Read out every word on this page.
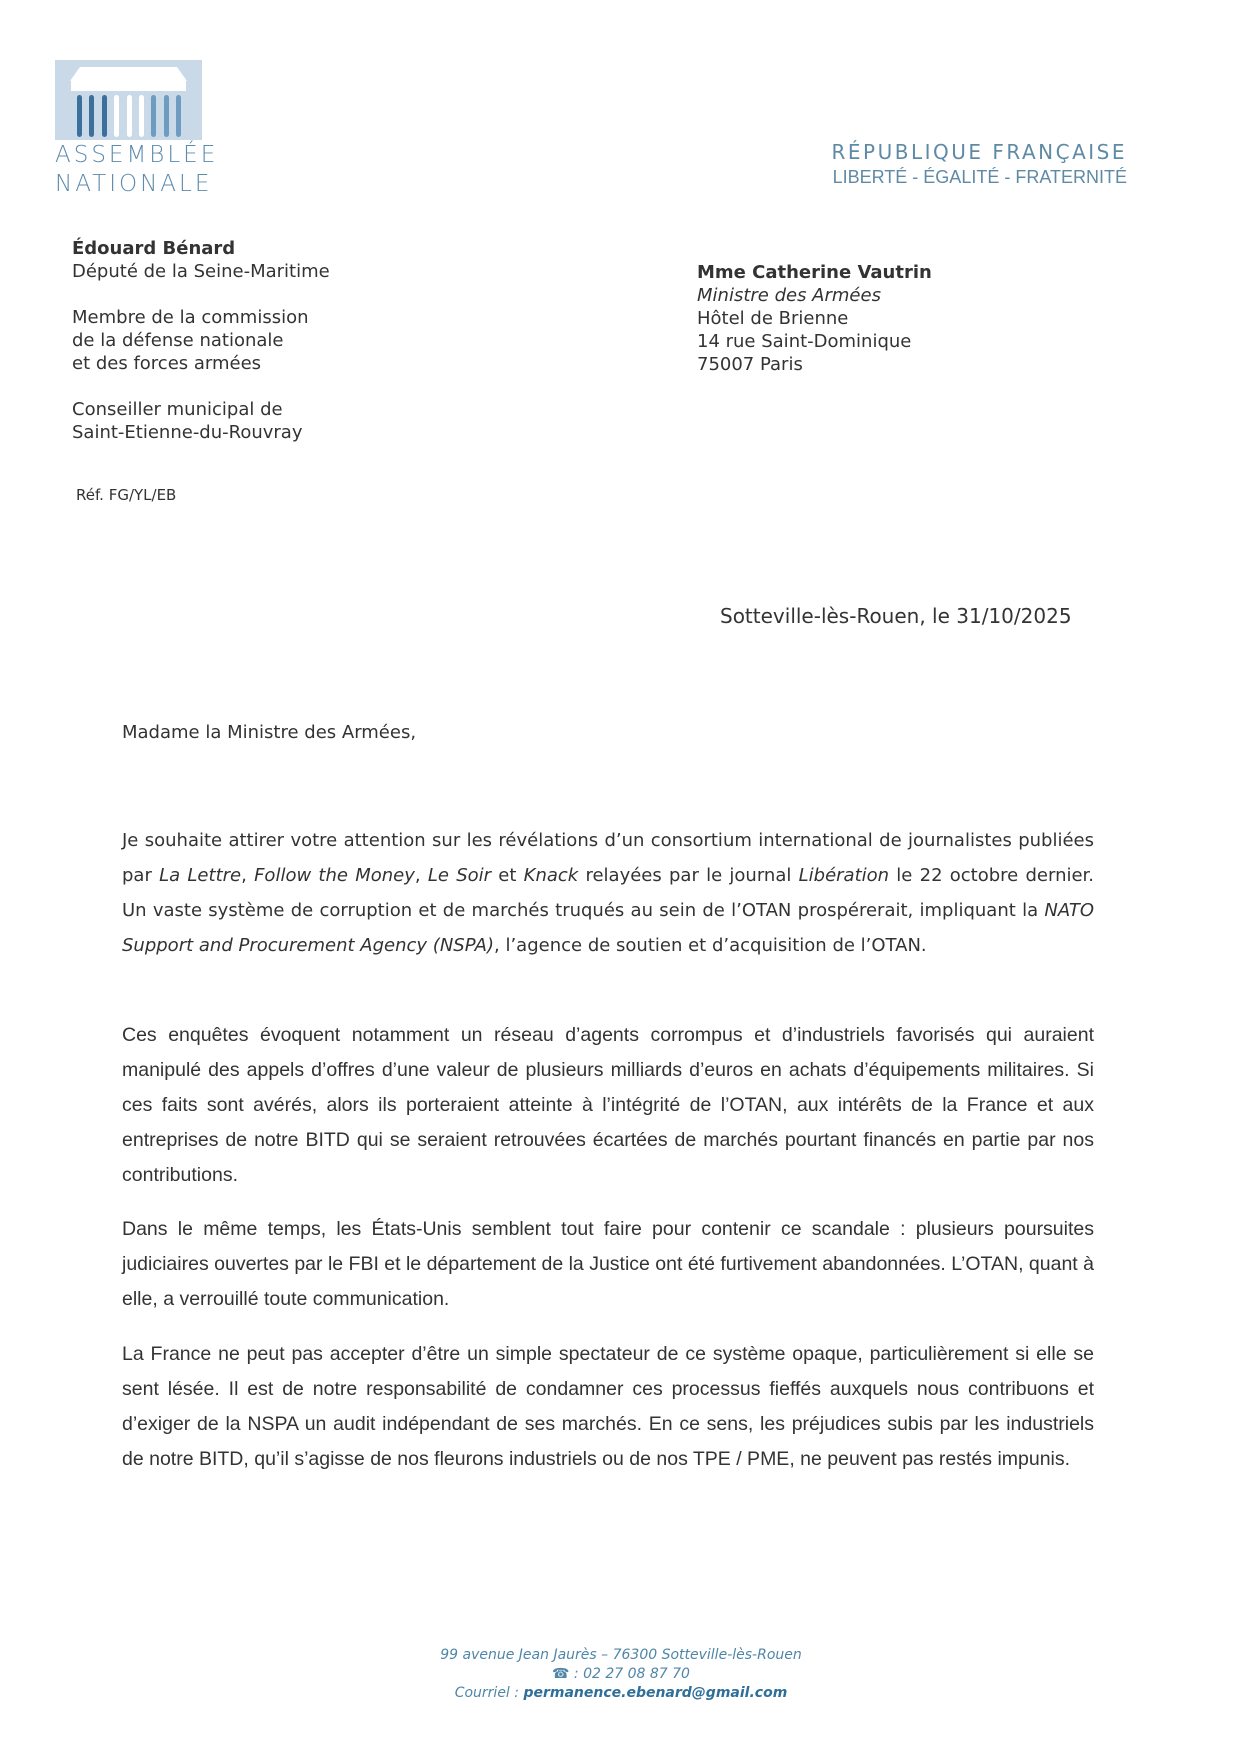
ASSEMBLÉE
NATIONALE
RÉPUBLIQUE FRANÇAISE
LIBERTÉ - ÉGALITÉ - FRATERNITÉ
Édouard Bénard
Député de la Seine-Maritime
Membre de la commission
de la défense nationale
et des forces armées
Conseiller municipal de
Saint-Etienne-du-Rouvray
Réf. FG/YL/EB
Mme Catherine Vautrin
Ministre des Armées
Hôtel de Brienne
14 rue Saint-Dominique
75007 Paris
Sotteville-lès-Rouen, le 31/10/2025
Madame la Ministre des Armées,
Je souhaite attirer votre attention sur les révélations d’un consortium international de journalistes publiées par La Lettre, Follow the Money, Le Soir et Knack relayées par le journal Libération le 22 octobre dernier. Un vaste système de corruption et de marchés truqués au sein de l’OTAN prospérerait, impliquant la NATO Support and Procurement Agency (NSPA), l’agence de soutien et d’acquisition de l’OTAN.
Ces enquêtes évoquent notamment un réseau d’agents corrompus et d’industriels favorisés qui auraient manipulé des appels d’offres d’une valeur de plusieurs milliards d’euros en achats d’équipements militaires. Si ces faits sont avérés, alors ils porteraient atteinte à l’intégrité de l’OTAN, aux intérêts de la France et aux entreprises de notre BITD qui se seraient retrouvées écartées de marchés pourtant financés en partie par nos contributions.
Dans le même temps, les États-Unis semblent tout faire pour contenir ce scandale : plusieurs poursuites judiciaires ouvertes par le FBI et le département de la Justice ont été furtivement abandonnées. L’OTAN, quant à elle, a verrouillé toute communication.
La France ne peut pas accepter d’être un simple spectateur de ce système opaque, particulièrement si elle se sent lésée. Il est de notre responsabilité de condamner ces processus fieffés auxquels nous contribuons et d’exiger de la NSPA un audit indépendant de ses marchés. En ce sens, les préjudices subis par les industriels de notre BITD, qu’il s’agisse de nos fleurons industriels ou de nos TPE / PME, ne peuvent pas restés impunis.
99 avenue Jean Jaurès – 76300 Sotteville-lès-Rouen
☎ : 02 27 08 87 70
Courriel : permanence.ebenard@gmail.com
